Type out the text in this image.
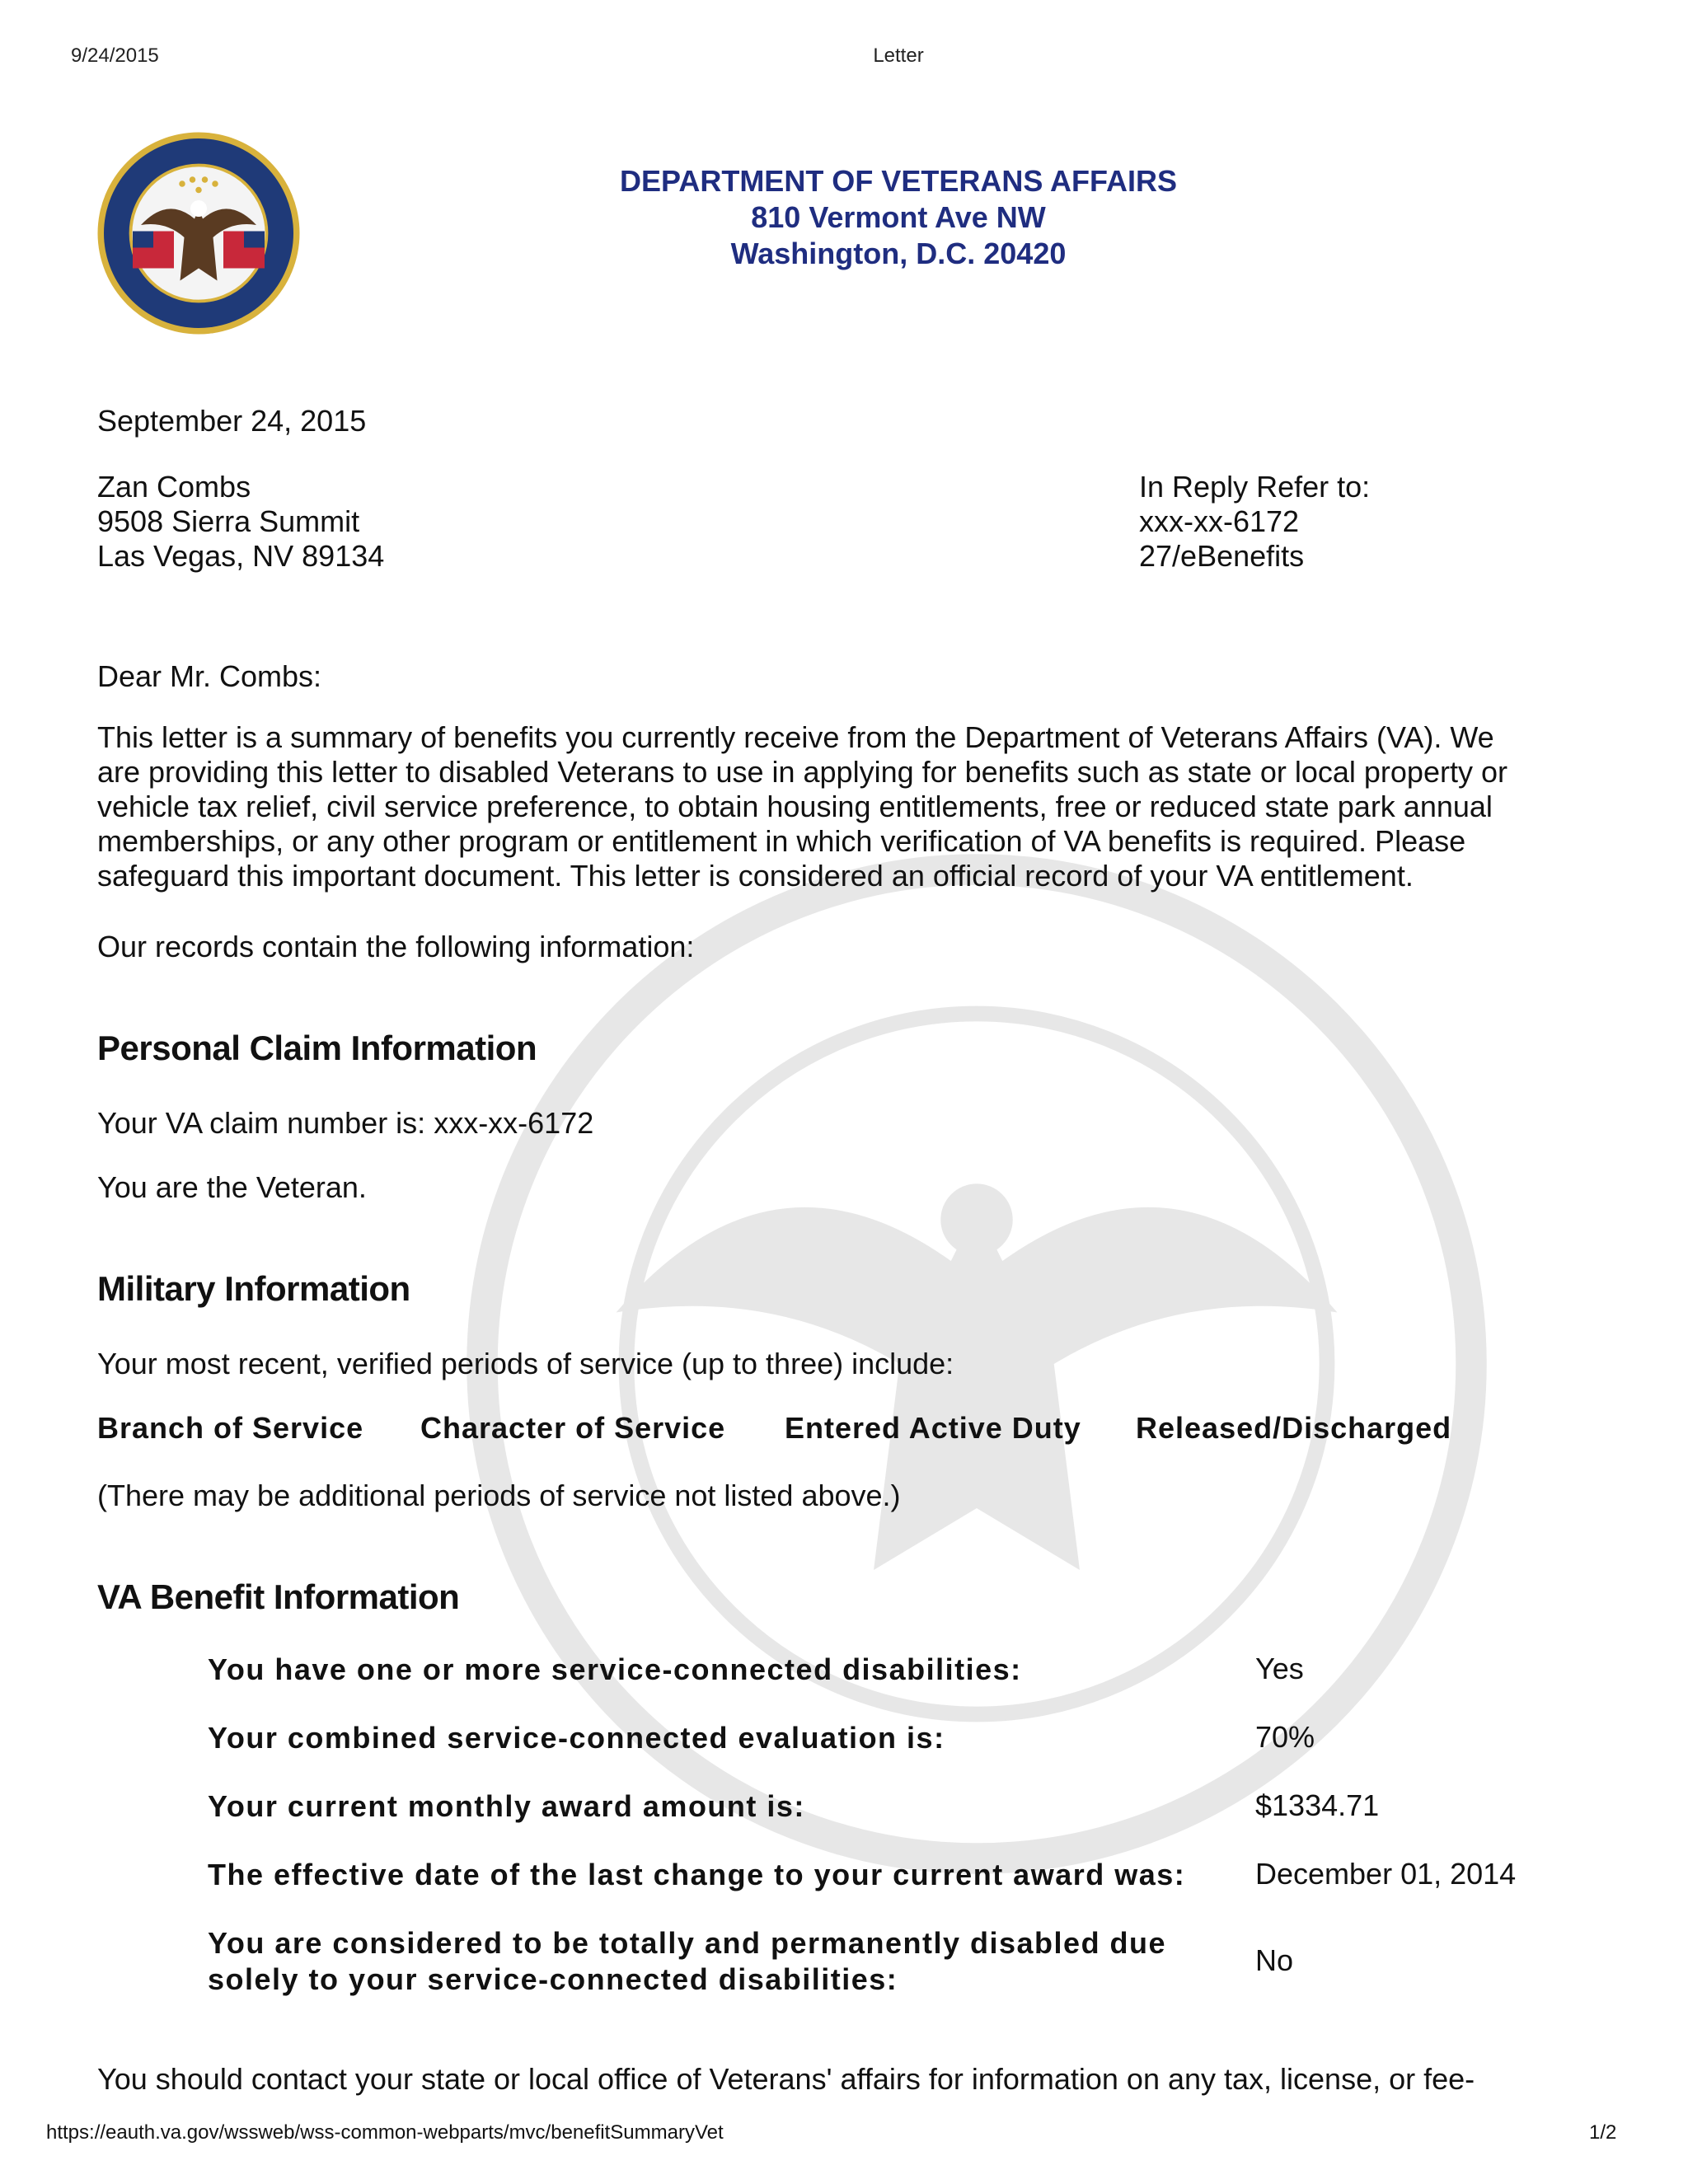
9/24/2015	Letter
DEPARTMENT OF VETERANS AFFAIRS
810 Vermont Ave NW
Washington, D.C. 20420
September 24, 2015
Zan Combs
9508 Sierra Summit
Las Vegas, NV 89134
In Reply Refer to:
xxx-xx-6172
27/eBenefits
Dear Mr. Combs:
This letter is a summary of benefits you currently receive from the Department of Veterans Affairs (VA). We
are providing this letter to disabled Veterans to use in applying for benefits such as state or local property or
vehicle tax relief, civil service preference, to obtain housing entitlements, free or reduced state park annual
memberships, or any other program or entitlement in which verification of VA benefits is required. Please
safeguard this important document. This letter is considered an official record of your VA entitlement.
Our records contain the following information:
Personal Claim Information
Your VA claim number is: xxx-xx-6172
You are the Veteran.
Military Information
Your most recent, verified periods of service (up to three) include:
Branch of Service Character of Service Entered Active Duty Released/Discharged
(There may be additional periods of service not listed above.)
VA Benefit Information
You have one or more service-connected disabilities:	Yes
Your combined service-connected evaluation is:	70%
Your current monthly award amount is:	$1334.71
The effective date of the last change to your current award was: December 01, 2014
You are considered to be totally and permanently disabled due solely to your service-connected disabilities:
No
You should contact your state or local office of Veterans' affairs for information on any tax, license, or fee-
https://eauth.va.gov/wssweb/wss-common-webparts/mvc/benefitSummaryVet	1/2
